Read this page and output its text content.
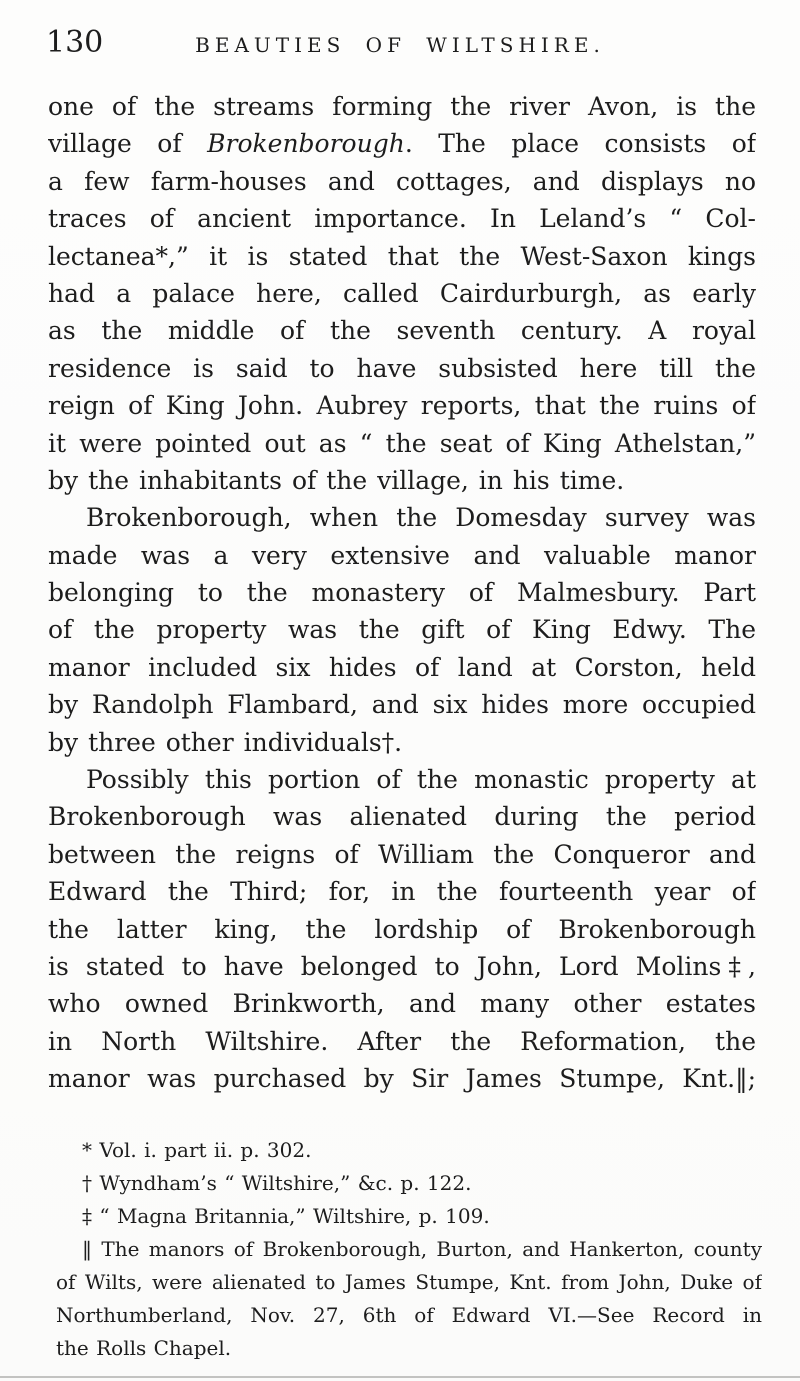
130	BEAUTIES OF WILTSHIRE.
one of the streams forming the river Avon, is the
village of Brokenborough. The place consists of
a few farm-houses and cottages, and displays no
traces of ancient importance. In Leland’s “ Col-
lectanea*,” it is stated that the West-Saxon kings
had a palace here, called Cairdurburgh, as early
as the middle of the seventh century. A royal
residence is said to have subsisted here till the
reign of King John. Aubrey reports, that the ruins of
it were pointed out as “ the seat of King Athelstan,”
by the inhabitants of the village, in his time.
Brokenborough, when the Domesday survey was
made was a very extensive and valuable manor
belonging to the monastery of Malmesbury. Part
of the property was the gift of King Edwy. The
manor included six hides of land at Corston, held
by Randolph Flambard, and six hides more occupied
by three other individuals†.
Possibly this portion of the monastic property at
Brokenborough was alienated during the period
between the reigns of William the Conqueror and
Edward the Third; for, in the fourteenth year of
the latter king, the lordship of Brokenborough
is stated to have belonged to John, Lord Molins‡,
who owned Brinkworth, and many other estates
in North Wiltshire. After the Reformation, the
manor was purchased by Sir James Stumpe, Knt.‖;
* Vol. i. part ii. p. 302.
† Wyndham’s “ Wiltshire,” &c. p. 122.
‡ “ Magna Britannia,” Wiltshire, p. 109.
‖ The manors of Brokenborough, Burton, and Hankerton, county
of Wilts, were alienated to James Stumpe, Knt. from John, Duke of
Northumberland, Nov. 27, 6th of Edward VI.—See Record in
the Rolls Chapel.
